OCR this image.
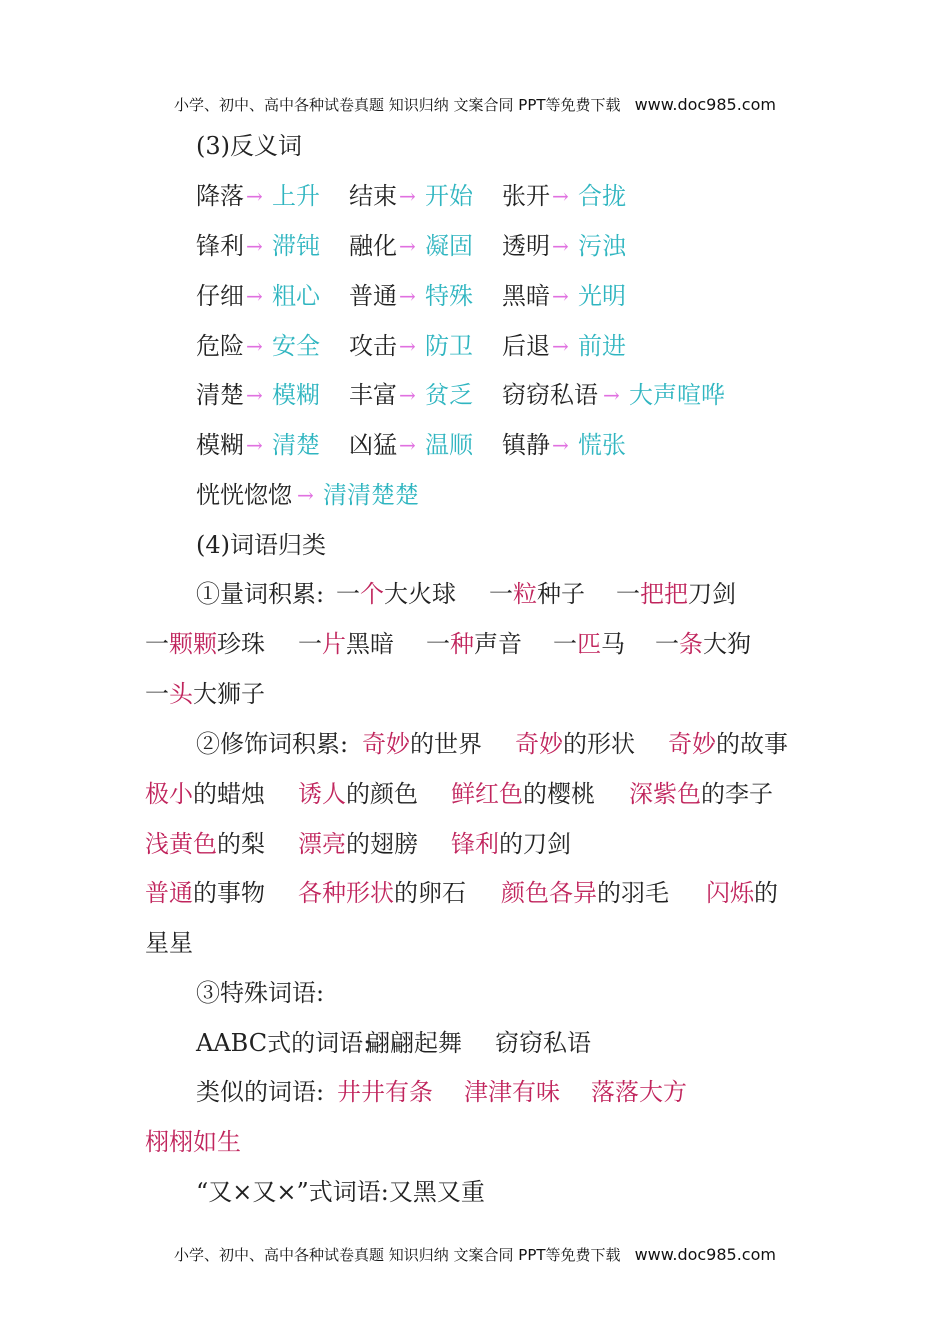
小学、初中、高中各种试卷真题 知识归纳 文案合同 PPT等免费下载 www.doc985.com
小学、初中、高中各种试卷真题 知识归纳 文案合同 PPT等免费下载 www.doc985.com
(3)反义词
降落 → 上升 结束 → 开始 张开 → 合拢
锋利 → 滞钝 融化 → 凝固 透明 → 污浊
仔细 → 粗心 普通 → 特殊 黑暗 → 光明
危险 → 安全 攻击 → 防卫 后退 → 前进
清楚 → 模糊 丰富 → 贫乏 窃窃私语 → 大声喧哗
模糊 → 清楚 凶猛 → 温顺 镇静 → 慌张
恍恍惚惚 → 清清楚楚
(4)词语归类
①量词积累: 一个大火球 一粒种子 一把把刀剑
一颗颗珍珠 一片黑暗 一种声音 一匹马 一条大狗
一头大狮子
②修饰词积累: 奇妙的世界 奇妙的形状 奇妙的故事
极小的蜡烛 诱人的颜色 鲜红色的樱桃 深紫色的李子
浅黄色的梨 漂亮的翅膀 锋利的刀剑
普通的事物 各种形状的卵石 颜色各异的羽毛 闪烁的
星星
③特殊词语:
AABC式的词语:
翩翩起舞 窃窃私语
类似的词语: 井井有条 津津有味 落落大方
栩栩如生
“又×又×”式词语:又黑又重
